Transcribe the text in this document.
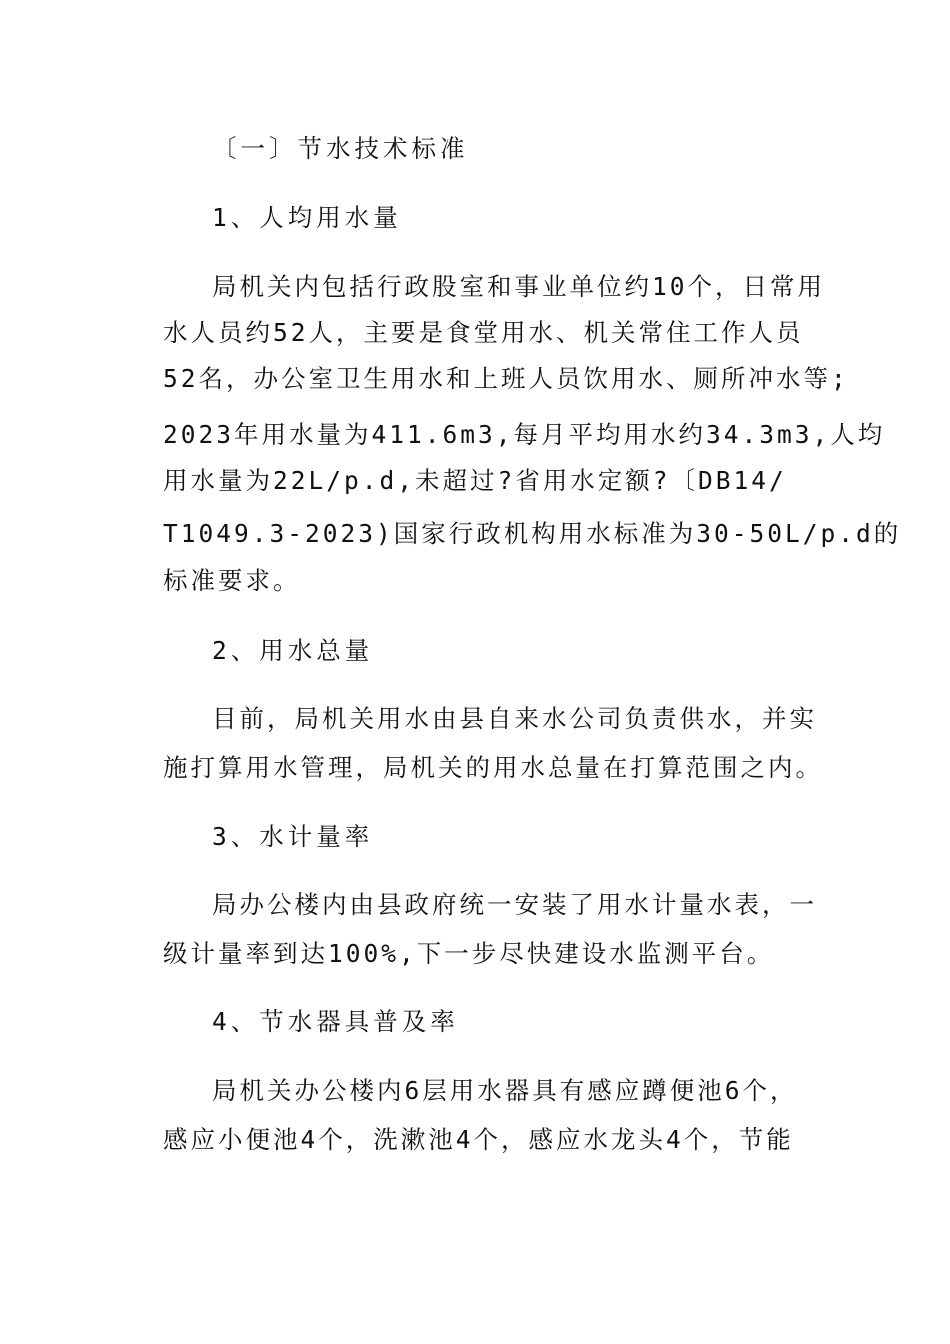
〔一〕节水技术标准

1、人均用水量

局机关内包括行政股室和事业单位约10个，日常用

水人员约52人，主要是食堂用水、机关常住工作人员

52名，办公室卫生用水和上班人员饮用水、厕所冲水等;

2023年用水量为411.6m3,每月平均用水约34.3m3,人均

用水量为22L/p.d,未超过?省用水定额?〔DB14/

T1049.3-2023)国家行政机构用水标准为30-50L/p.d的

标准要求。

2、用水总量

目前，局机关用水由县自来水公司负责供水，并实

施打算用水管理，局机关的用水总量在打算范围之内。

3、水计量率

局办公楼内由县政府统一安装了用水计量水表，一

级计量率到达100%,下一步尽快建设水监测平台。

4、节水器具普及率

局机关办公楼内6层用水器具有感应蹲便池6个，

感应小便池4个，洗漱池4个，感应水龙头4个，节能
